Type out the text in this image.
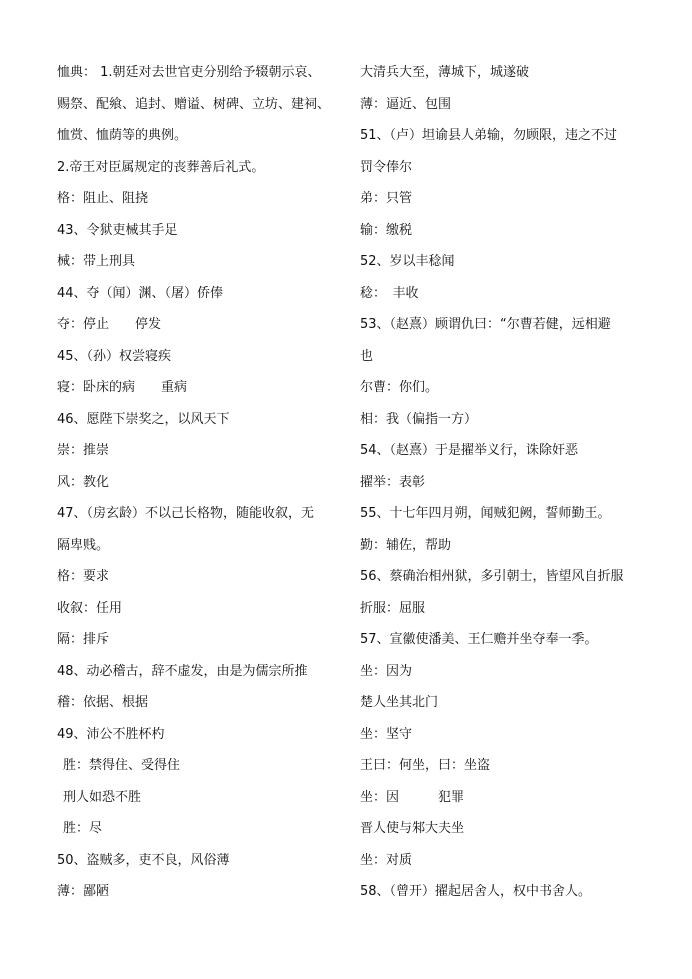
恤典： 1.朝廷对去世官吏分别给予辍朝示哀、
赐祭、配飨、追封、赠谥、树碑、立坊、建祠、
恤赏、恤荫等的典例。
2.帝王对臣属规定的丧葬善后礼式。
格：阻止、阻挠
43、令狱吏械其手足
械：带上刑具
44、夺（闻）渊、（屠）侨俸
夺：停止　　停发
45、（孙）权尝寝疾
寝：卧床的病　　重病
46、愿陛下崇奖之，以风天下
崇：推崇
风：教化
47、（房玄龄）不以己长格物，随能收叙，无
隔卑贱。
格：要求
收叙：任用
隔：排斥
48、动必稽古，辞不虚发，由是为儒宗所推
稽：依据、根据
49、沛公不胜杯杓
胜：禁得住、受得住
刑人如恐不胜
胜：尽
50、盗贼多，吏不良，风俗薄
薄：鄙陋
大清兵大至，薄城下，城遂破
薄：逼近、包围
51、（卢）坦谕县人弟输，勿顾限，违之不过
罚令俸尔
弟：只管
输：缴税
52、岁以丰稔闻
稔：　丰收
53、（赵熹）顾谓仇曰：“尔曹若健，远相避
也
尔曹：你们。
相：我（偏指一方）
54、（赵熹）于是擢举义行，诛除奸恶
擢举：表彰
55、十七年四月朔，闻贼犯阙，誓师勤王。
勤：辅佐，帮助
56、蔡确治相州狱，多引朝士，皆望风自折服
折服：屈服
57、宣徽使潘美、王仁赡并坐夺奉一季。
坐：因为
楚人坐其北门
坐：坚守
王曰：何坐，曰：坐盗
坐：因　　　犯罪
晋人使与邾大夫坐
坐：对质
58、（曾开）擢起居舍人，权中书舍人。
